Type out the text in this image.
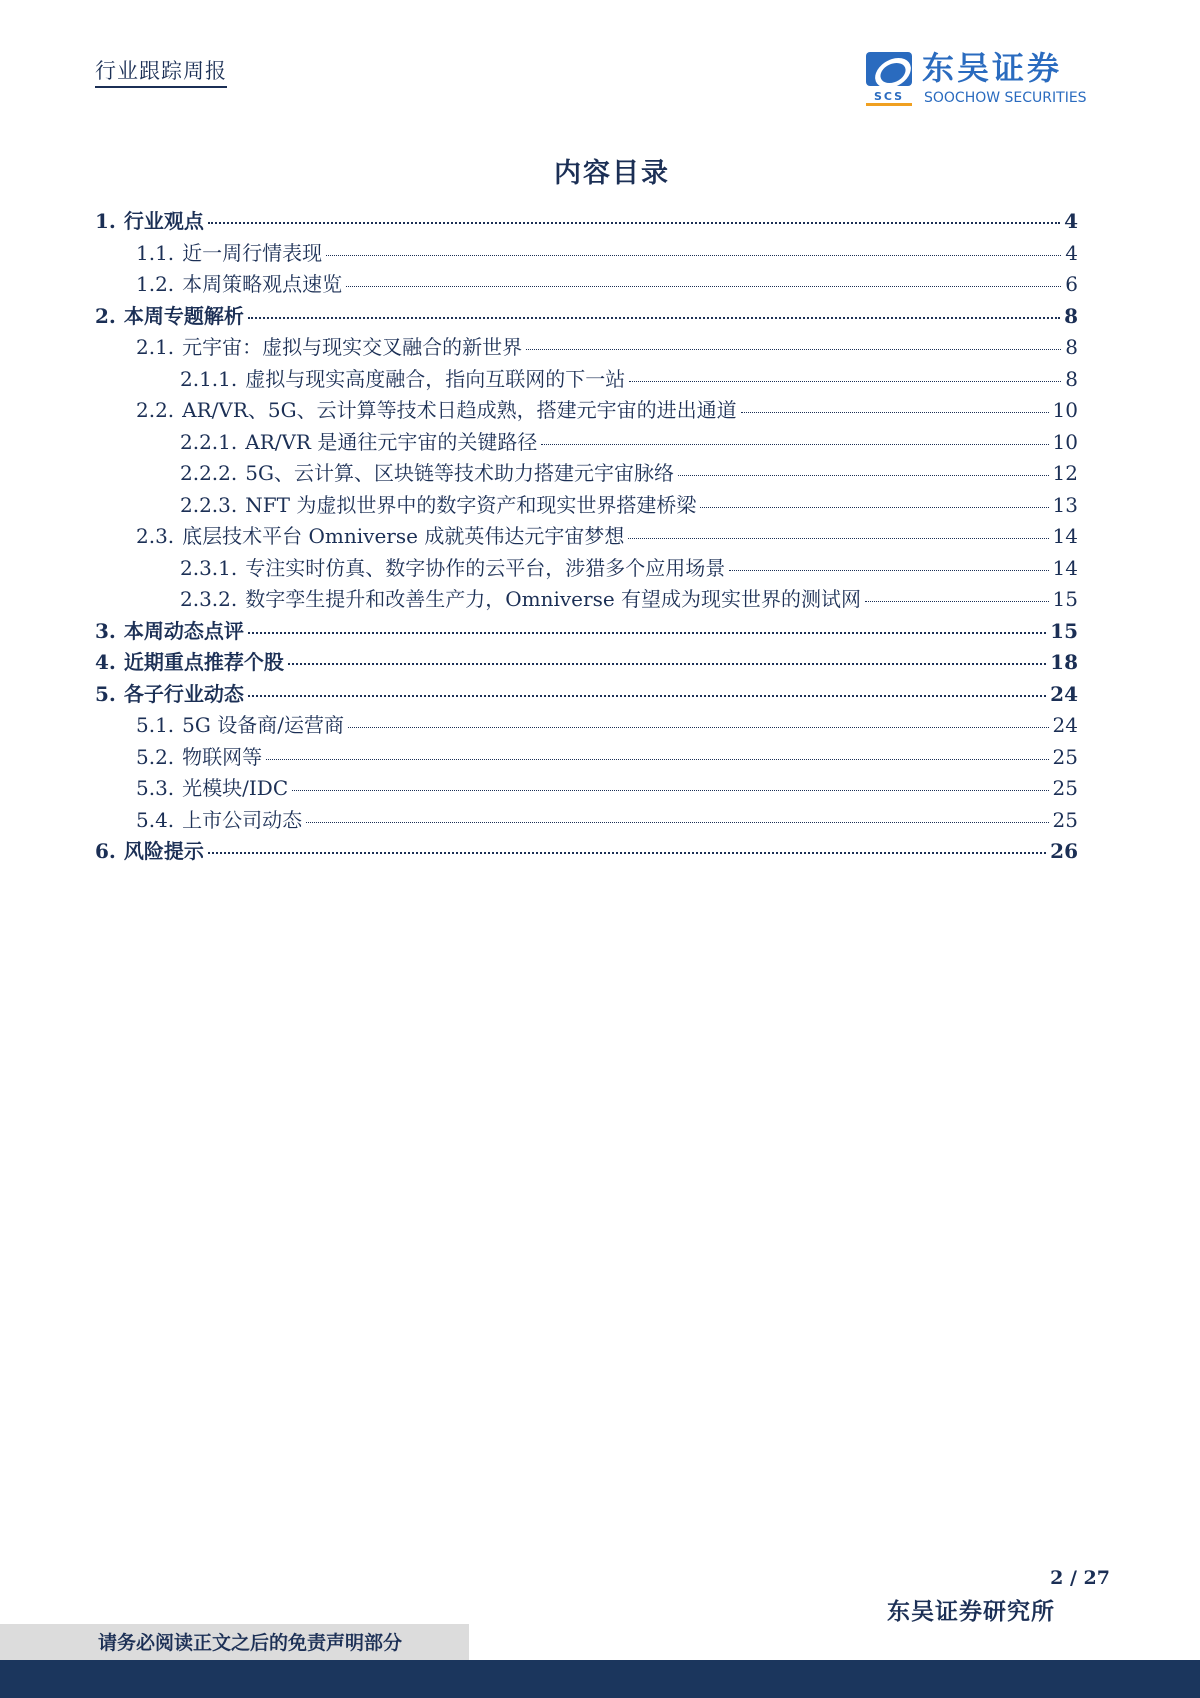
行业跟踪周报
SCS
东吴证券
SOOCHOW SECURITIES
内容目录
1. 行业观点	4
1.1. 近一周行情表现	4
1.2. 本周策略观点速览	6
2. 本周专题解析	8
2.1. 元宇宙：虚拟与现实交叉融合的新世界	8
2.1.1. 虚拟与现实高度融合，指向互联网的下一站	8
2.2. AR/VR、5G、云计算等技术日趋成熟，搭建元宇宙的进出通道	10
2.2.1. AR/VR 是通往元宇宙的关键路径	10
2.2.2. 5G、云计算、区块链等技术助力搭建元宇宙脉络	12
2.2.3. NFT 为虚拟世界中的数字资产和现实世界搭建桥梁	13
2.3. 底层技术平台 Omniverse 成就英伟达元宇宙梦想	14
2.3.1. 专注实时仿真、数字协作的云平台，涉猎多个应用场景	14
2.3.2. 数字孪生提升和改善生产力，Omniverse 有望成为现实世界的测试网	15
3. 本周动态点评	15
4. 近期重点推荐个股	18
5. 各子行业动态	24
5.1. 5G 设备商/运营商	24
5.2. 物联网等	25
5.3. 光模块/IDC	25
5.4. 上市公司动态	25
6. 风险提示	26
2 / 27
东吴证券研究所
请务必阅读正文之后的免责声明部分
